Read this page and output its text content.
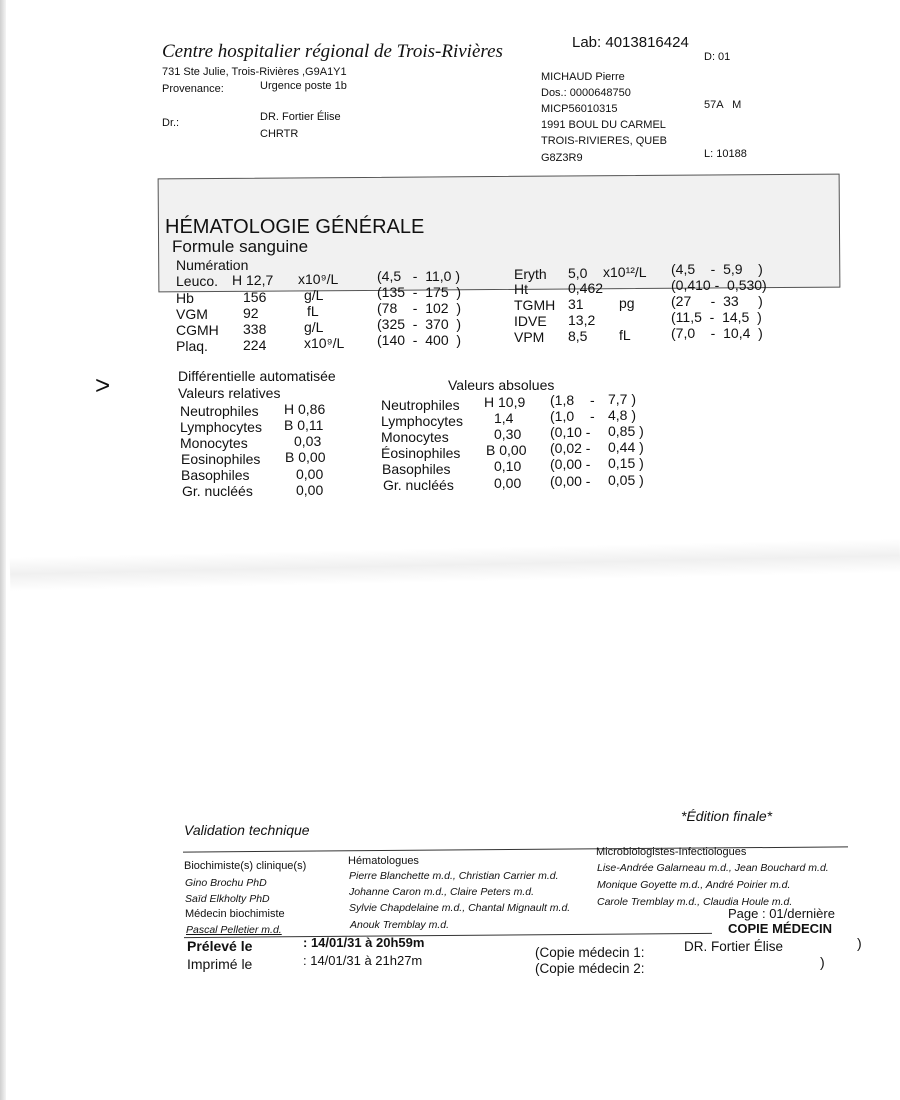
Centre hospitalier régional de Trois-Rivières
731 Ste Julie, Trois-Rivières ,G9A1Y1
Provenance:	Urgence poste 1b
Dr.:	DR. Fortier Élise
CHRTR
Lab: 4013816424
D: 01
MICHAUD Pierre
Dos.: 0000648750
MICP56010315	57A   M
1991 BOUL DU CARMEL
TROIS-RIVIERES, QUEB
G8Z3R9	L: 10188
HÉMATOLOGIE GÉNÉRALE
Formule sanguine
Numération
Leuco. H 12,7 x10⁹/L	(4,5   -  11,0 )
Hb	156	g/L	(135  -  175  )
VGM	92	fL	(78    -  102  )
CGMH 338	g/L	(325  -  370  )
Plaq.	224	x10⁹/L (140  -  400  )
Eryth 5,0 x10¹²/L (4,5    -  5,9    )
Ht	0,462	(0,410 -  0,530)
TGMH 31	pg	(27     -  33     )
IDVE 13,2	(11,5  -  14,5  )
VPM 8,5 fL	(7,0    -  10,4  )
>	Différentielle automatisée
Valeurs relatives	Valeurs absolues
Neutrophiles H 0,86
Lymphocytes B 0,11
Monocytes	0,03
Eosinophiles B 0,00
Basophiles	0,00
Gr. nucléés	0,00
Neutrophiles H 10,9 (1,8 - 7,7 )
Lymphocytes 1,4	(1,0 - 4,8 )
Monocytes	0,30 (0,10 - 0,85 )
Éosinophiles B 0,00 (0,02 - 0,44 )
Basophiles	0,10 (0,00 - 0,15 )
Gr. nucléés	0,00 (0,00 - 0,05 )
Validation technique
*Édition finale*
Biochimiste(s) clinique(s)
Gino Brochu PhD
Saïd Elkholty PhD
Médecin biochimiste
Pascal Pelletier m.d.
Hématologues
Pierre Blanchette m.d., Christian Carrier m.d.
Johanne Caron m.d., Claire Peters m.d.
Sylvie Chapdelaine m.d., Chantal Mignault m.d.
Anouk Tremblay m.d.
Microbiologistes-Infectiologues
Lise-Andrée Galarneau m.d., Jean Bouchard m.d.
Monique Goyette m.d., André Poirier m.d.
Carole Tremblay m.d., Claudia Houle m.d.
Page : 01/dernière
COPIE MÉDECIN
Prélevé le	: 14/01/31 à 20h59m
Imprimé le	: 14/01/31 à 21h27m
(Copie médecin 1:	DR. Fortier Élise	)
(Copie médecin 2:	)
